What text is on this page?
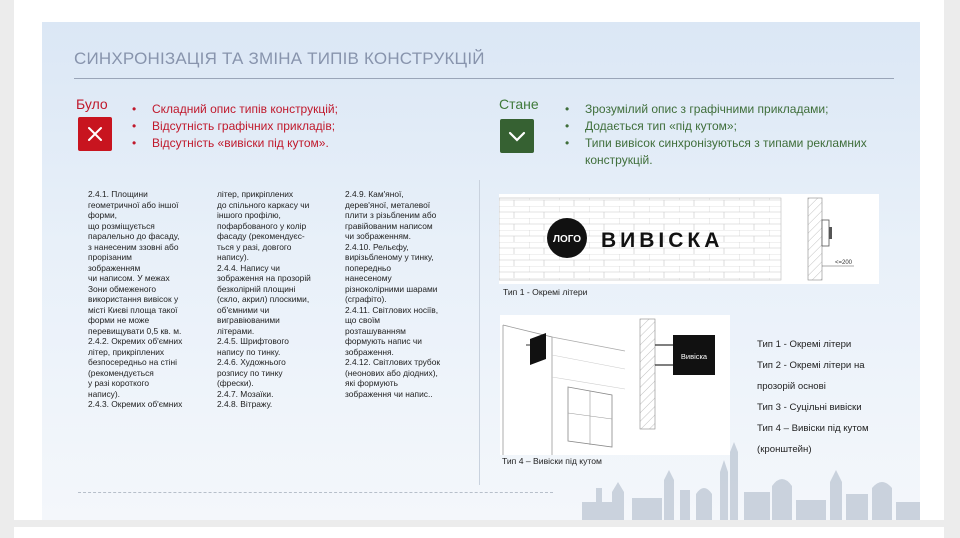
СИНХРОНІЗАЦІЯ ТА ЗМІНА ТИПІВ КОНСТРУКЦІЙ
Було • Складний опис типів конструкцій;
• Відсутність графічних прикладів;
• Відсутність «вивіски під кутом».
Стане • Зрозумілий опис з графічними прикладами;
• Додається тип «під кутом»;
• Типи вивісок синхронізуються з типами рекламних конструкцій.
2.4.1. Площини
геометричної або іншої
форми,
що розміщується
паралельно до фасаду,
з нанесеним ззовні або
прорізаним
зображенням
чи написом. У межах
Зони обмеженого
використання вивісок у
місті Києві площа такої
форми не може
перевищувати 0,5 кв. м.
2.4.2. Окремих об'ємних
літер, прикріплених
безпосередньо на стіні
(рекомендується
у разі короткого
напису).
2.4.3. Окремих об'ємних
літер, прикріплених
до спільного каркасу чи
іншого профілю,
пофарбованого у колір
фасаду (рекомендуєс-
ться у разі, довгого
напису).
2.4.4. Напису чи
зображення на прозорій
безколірній площині
(скло, акрил) плоскими,
об'ємними чи
вигравіюваними
літерами.
2.4.5. Шрифтового
напису по тинку.
2.4.6. Художнього
розпису по тинку
(фрески).
2.4.7. Мозаїки.
2.4.8. Вітражу.
2.4.9. Кам'яної,
дерев'яної, металевої
плити з різьбленим або
гравійованим написом
чи зображенням.
2.4.10. Рельєфу,
вирізьбленому у тинку,
попередньо
нанесеному
різноколірними шарами
(сграфіто).
2.4.11. Світлових носіїв,
що своїм
розташуванням
формують напис чи
зображення.
2.4.12. Світлових трубок
(неонових або діодних),
які формують
зображення чи напис..
ЛОГО ВИВІСКА
<=200
Тип 1 - Окремі літери
Вивіска
Тип 4 – Вивіски під кутом
Тип 1 - Окремі літери
Тип 2 - Окремі літери на
прозорій основі
Тип 3 - Суцільні вивіски
Тип 4 – Вивіски під кутом
(кронштейн)
